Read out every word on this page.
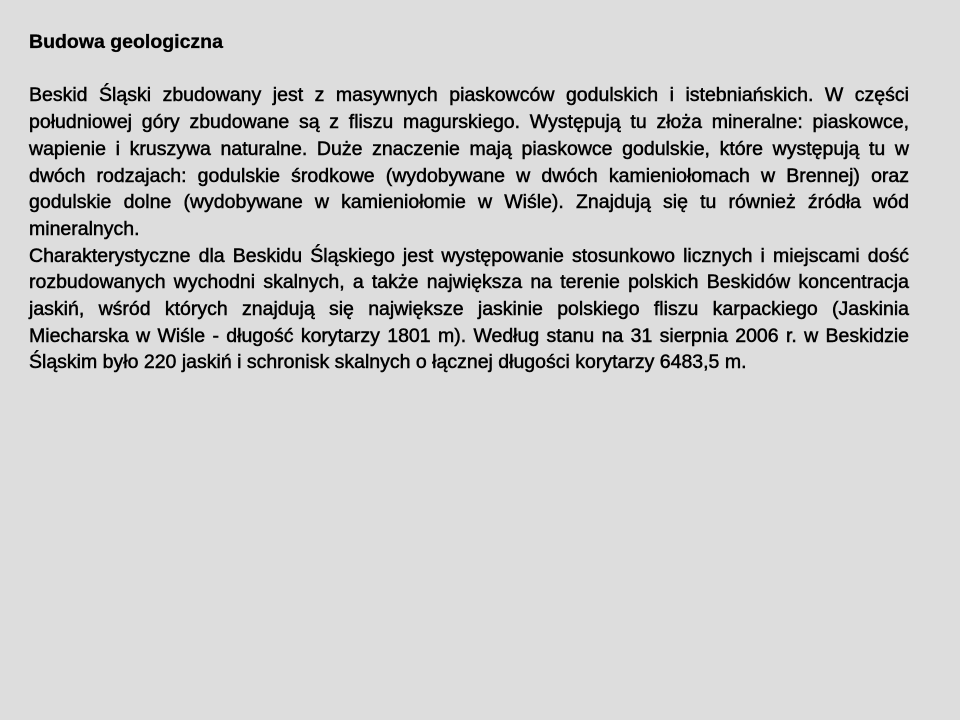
Budowa geologiczna

Beskid Śląski zbudowany jest z masywnych piaskowców godulskich i istebniańskich. W części południowej góry zbudowane są z fliszu magurskiego. Występują tu złoża mineralne: piaskowce, wapienie i kruszywa naturalne. Duże znaczenie mają piaskowce godulskie, które występują tu w dwóch rodzajach: godulskie środkowe (wydobywane w dwóch kamieniołomach w Brennej) oraz godulskie dolne (wydobywane w kamieniołomie w Wiśle). Znajdują się tu również źródła wód mineralnych.

Charakterystyczne dla Beskidu Śląskiego jest występowanie stosunkowo licznych i miejscami dość rozbudowanych wychodni skalnych, a także największa na terenie polskich Beskidów koncentracja jaskiń, wśród których znajdują się największe jaskinie polskiego fliszu karpackiego (Jaskinia Miecharska w Wiśle - długość korytarzy 1801 m). Według stanu na 31 sierpnia 2006 r. w Beskidzie Śląskim było 220 jaskiń i schronisk skalnych o łącznej długości korytarzy 6483,5 m.
